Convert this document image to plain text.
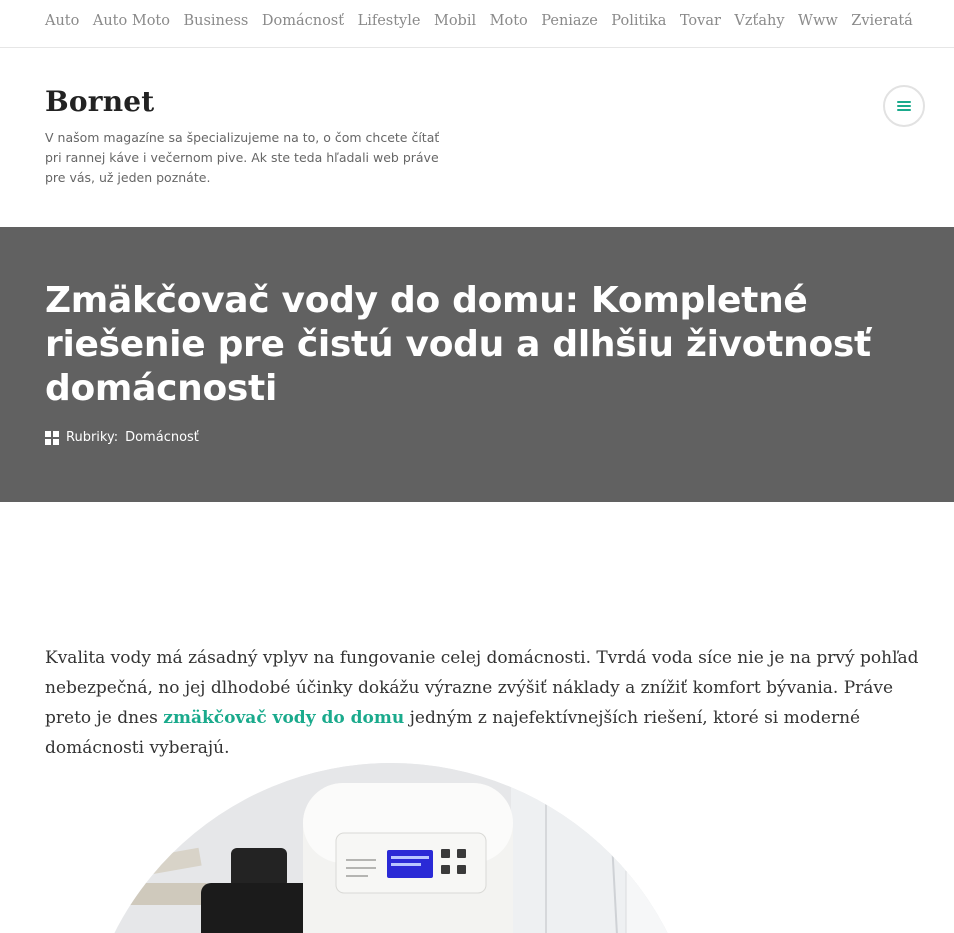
Auto Auto Moto Business Domácnosť Lifestyle Mobil Moto Peniaze Politika Tovar Vzťahy Www Zvieratá
Bornet

V našom magazíne sa špecializujeme na to, o čom chcete čítať pri rannej káve i večernom pive. Ak ste teda hľadali web práve pre vás, už jeden poznáte.

Zmäkčovač vody do domu: Kompletné riešenie pre čistú vodu a dlhšiu životnosť domácnosti
Rubriky: Domácnosť

Kvalita vody má zásadný vplyv na fungovanie celej domácnosti. Tvrdá voda síce nie je na prvý pohľad nebezpečná, no jej dlhodobé účinky dokážu výrazne zvýšiť náklady a znížiť komfort bývania. Práve preto je dnes zmäkčovač vody do domu jedným z najefektívnejších riešení, ktoré si moderné domácnosti vyberajú.
